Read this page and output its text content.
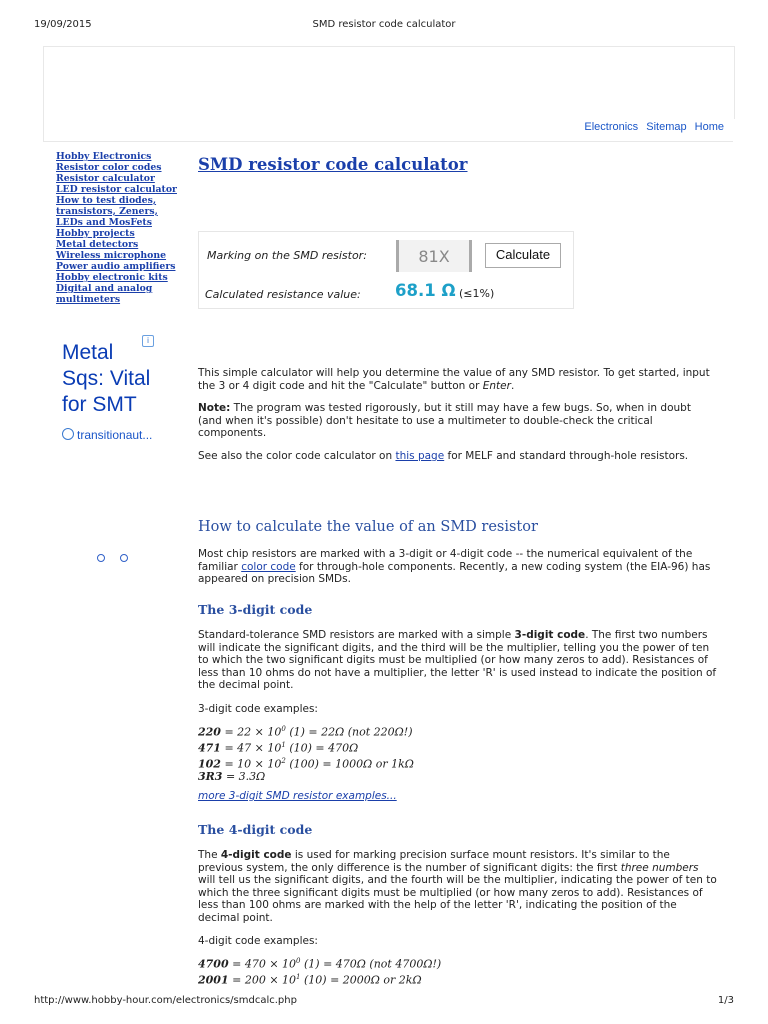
19/09/2015	SMD resistor code calculator
http://www.hobby-hour.com/electronics/smdcalc.php	1/3
Electronics Sitemap Home
Hobby Electronics
Resistor color codes
Resistor calculator
LED resistor calculator
How to test diodes,
transistors, Zeners,
LEDs and MosFets
Hobby projects
Metal detectors
Wireless microphone
Power audio amplifiers
Hobby electronic kits
Digital and analog
multimeters
i
Metal
Sqs: Vital
for SMT
transitionaut...
SMD resistor code calculator
Marking on the SMD resistor:
81X	Calculate
Calculated resistance value: 68.1 Ω (≤1%)
This simple calculator will help you determine the value of any SMD resistor. To get started, input the 3 or 4 digit code and hit the "Calculate" button or Enter.
Note: The program was tested rigorously, but it still may have a few bugs. So, when in doubt (and when it's possible) don't hesitate to use a multimeter to double-check the critical components.
See also the color code calculator on this page for MELF and standard through-hole resistors.
How to calculate the value of an SMD resistor
Most chip resistors are marked with a 3-digit or 4-digit code -- the numerical equivalent of the familiar color code for through-hole components. Recently, a new coding system (the EIA-96) has appeared on precision SMDs.
The 3-digit code
Standard-tolerance SMD resistors are marked with a simple 3-digit code. The first two numbers will indicate the significant digits, and the third will be the multiplier, telling you the power of ten to which the two significant digits must be multiplied (or how many zeros to add). Resistances of less than 10 ohms do not have a multiplier, the letter 'R' is used instead to indicate the position of the decimal point.
3-digit code examples:
$220 = 22 \times 10^0$ (1) = 22Ω (not 220Ω!)
$471 = 47 \times 10^1$ (10) = 470Ω
$102 = 10 \times 10^2$ (100) = 1000Ω or 1kΩ
3R3 = 3.3Ω
more 3-digit SMD resistor examples...
The 4-digit code
The 4-digit code is used for marking precision surface mount resistors. It's similar to the previous system, the only difference is the number of significant digits: the first three numbers will tell us the significant digits, and the fourth will be the multiplier, indicating the power of ten to which the three significant digits must be multiplied (or how many zeros to add). Resistances of less than 100 ohms are marked with the help of the letter 'R', indicating the position of the decimal point.
4-digit code examples:
$4700 = 470 \times 10^0$ (1) = 470Ω (not 4700Ω!)
$2001 = 200 \times 10^1$ (10) = 2000Ω or 2kΩ
